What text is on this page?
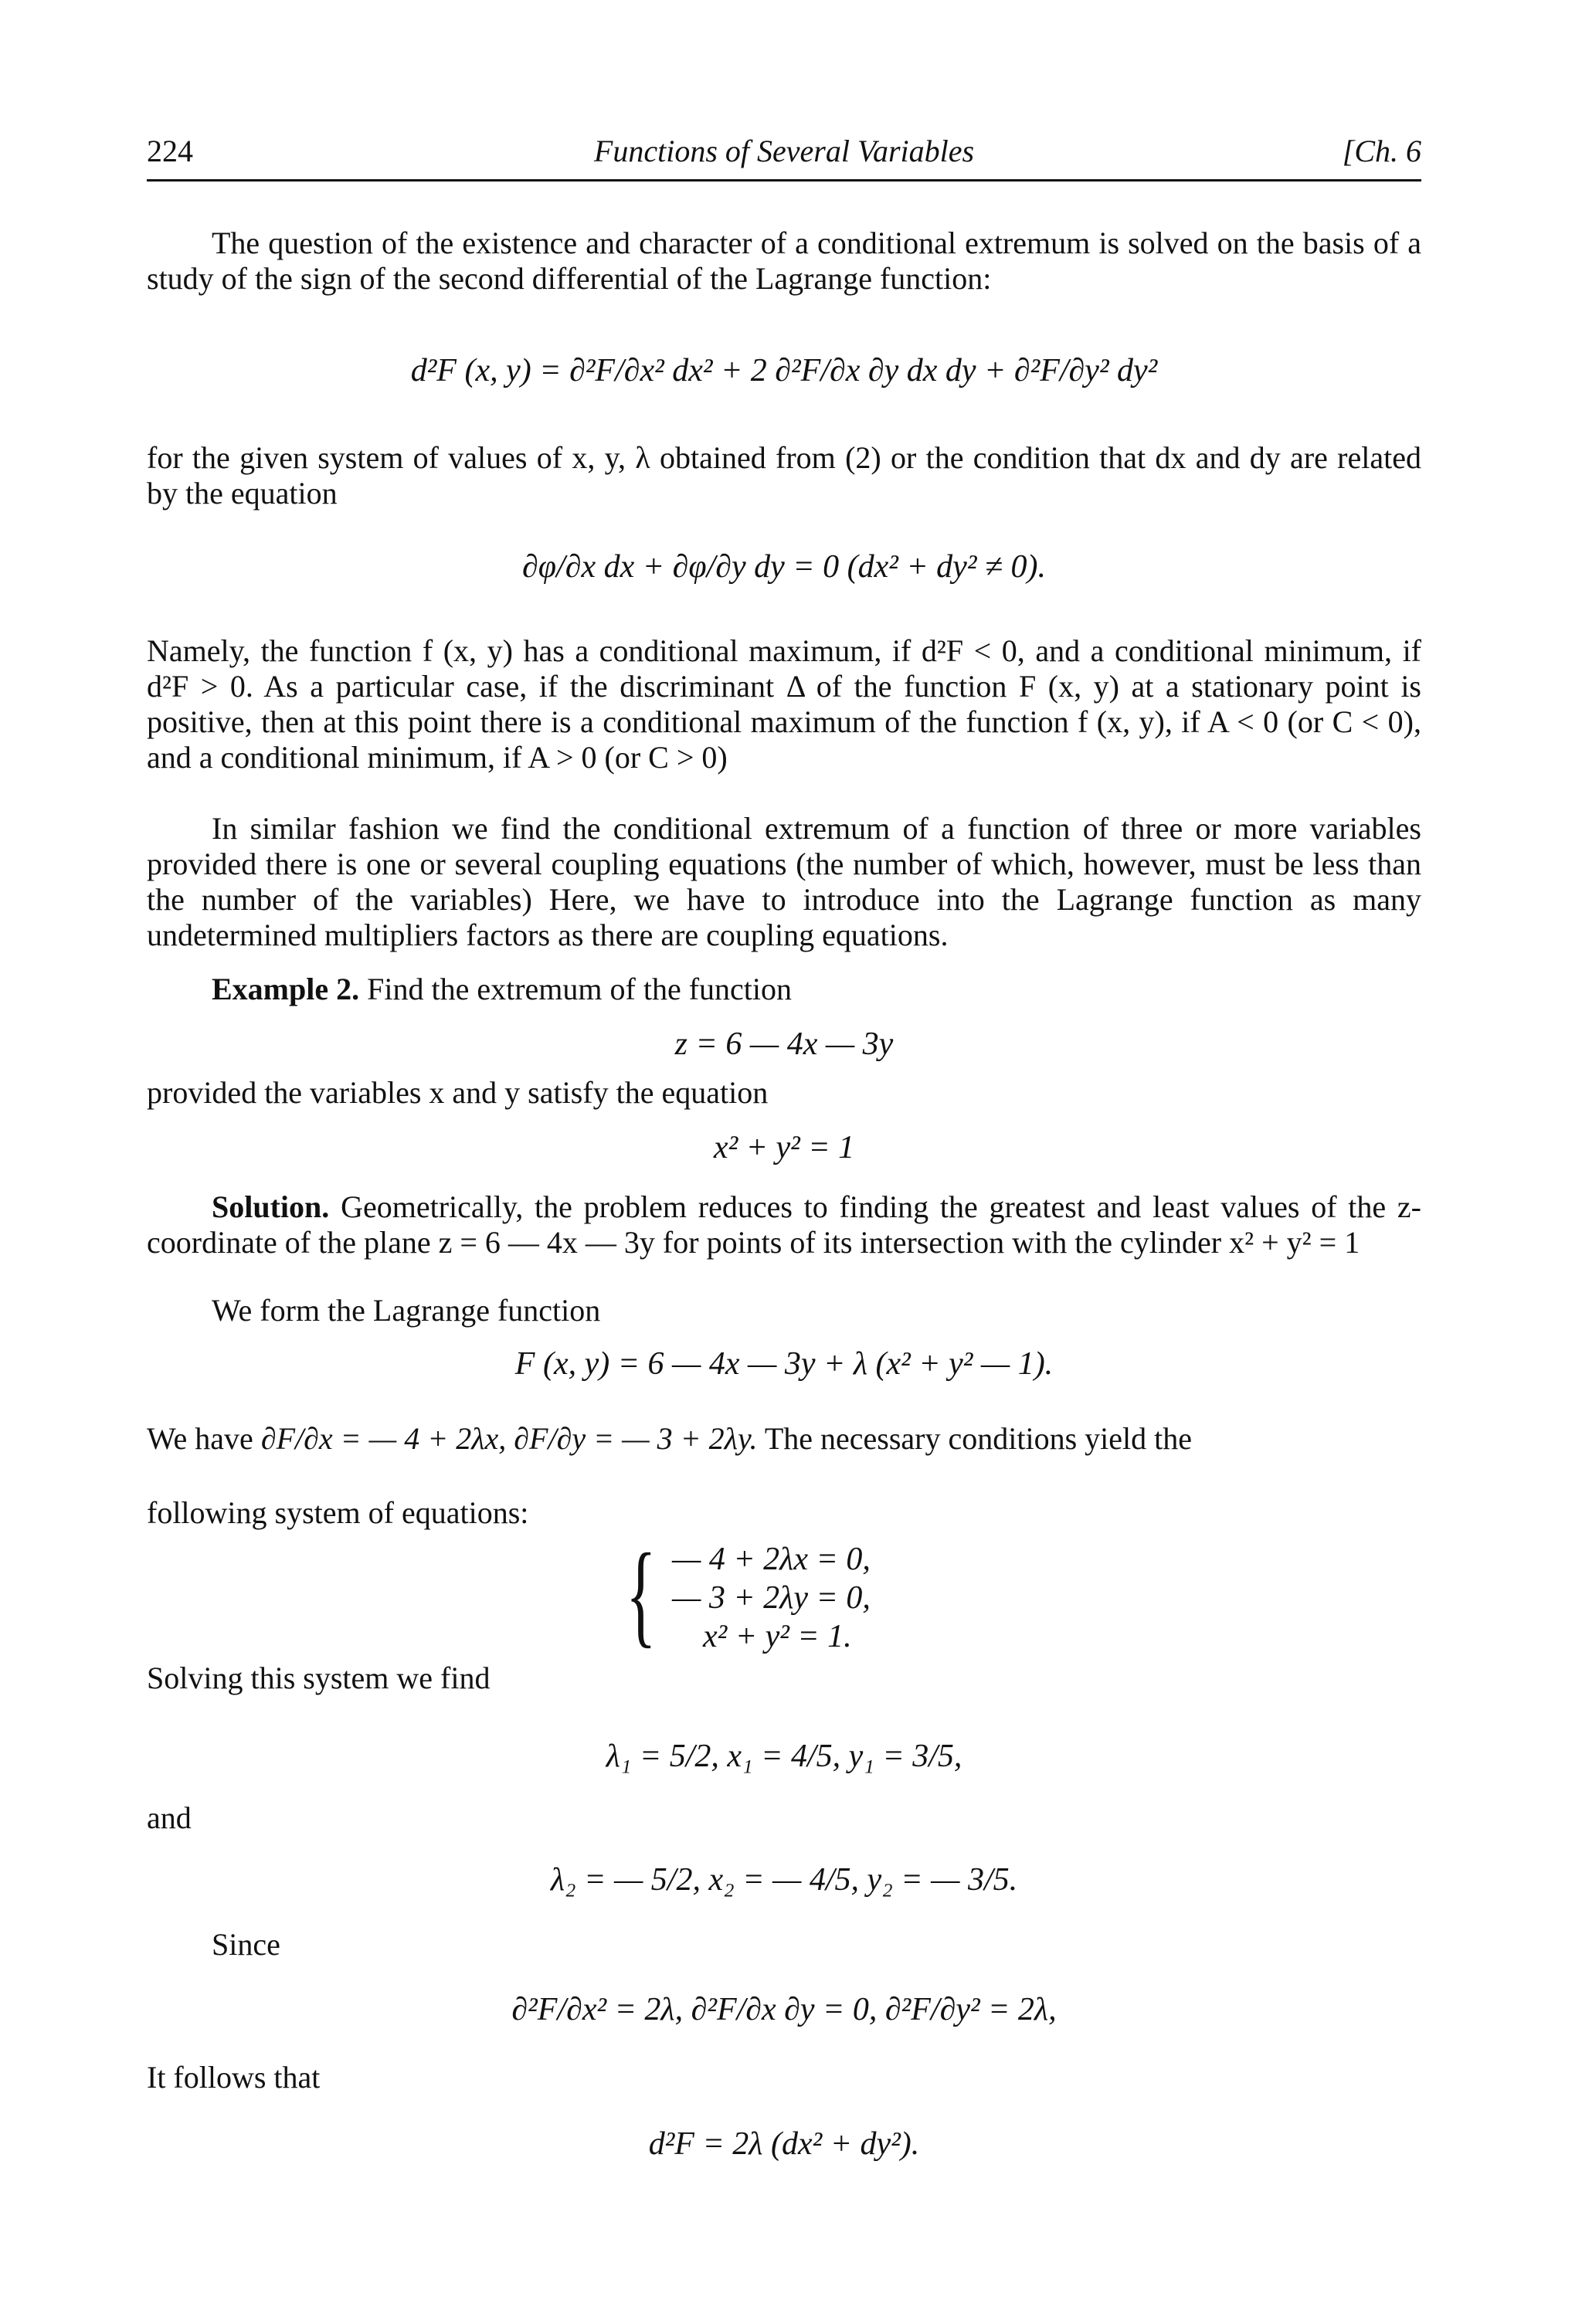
224	Functions of Several Variables	[Ch. 6
The question of the existence and character of a conditional extremum is solved on the basis of a study of the sign of the second differential of the Lagrange function:
d²F (x, y) = ∂²F/∂x² dx² + 2 ∂²F/∂x ∂y dx dy + ∂²F/∂y² dy²
for the given system of values of x, y, λ obtained from (2) or the condition that dx and dy are related by the equation
∂φ/∂x dx + ∂φ/∂y dy = 0 (dx² + dy² ≠ 0).
Namely, the function f (x, y) has a conditional maximum, if d²F < 0, and a conditional minimum, if d²F > 0. As a particular case, if the discriminant Δ of the function F (x, y) at a stationary point is positive, then at this point there is a conditional maximum of the function f (x, y), if A < 0 (or C < 0), and a conditional minimum, if A > 0 (or C > 0)
In similar fashion we find the conditional extremum of a function of three or more variables provided there is one or several coupling equations (the number of which, however, must be less than the number of the variables) Here, we have to introduce into the Lagrange function as many undetermined multipliers factors as there are coupling equations.
Example 2. Find the extremum of the function
z = 6 — 4x — 3y
provided the variables x and y satisfy the equation
x² + y² = 1
Solution. Geometrically, the problem reduces to finding the greatest and least values of the z-coordinate of the plane z = 6 — 4x — 3y for points of its intersection with the cylinder x² + y² = 1
We form the Lagrange function
F (x, y) = 6 — 4x — 3y + λ (x² + y² — 1).
We have ∂F/∂x = — 4 + 2λx, ∂F/∂y = — 3 + 2λy. The necessary conditions yield the
following system of equations:
{ — 4 + 2λx = 0,
— 3 + 2λy = 0,
x² + y² = 1.
Solving this system we find
λ₁ = 5/2, x₁ = 4/5, y₁ = 3/5,
and
λ₂ = — 5/2, x₂ = — 4/5, y₂ = — 3/5.
Since
∂²F/∂x² = 2λ, ∂²F/∂x ∂y = 0, ∂²F/∂y² = 2λ,
It follows that
d²F = 2λ (dx² + dy²).
